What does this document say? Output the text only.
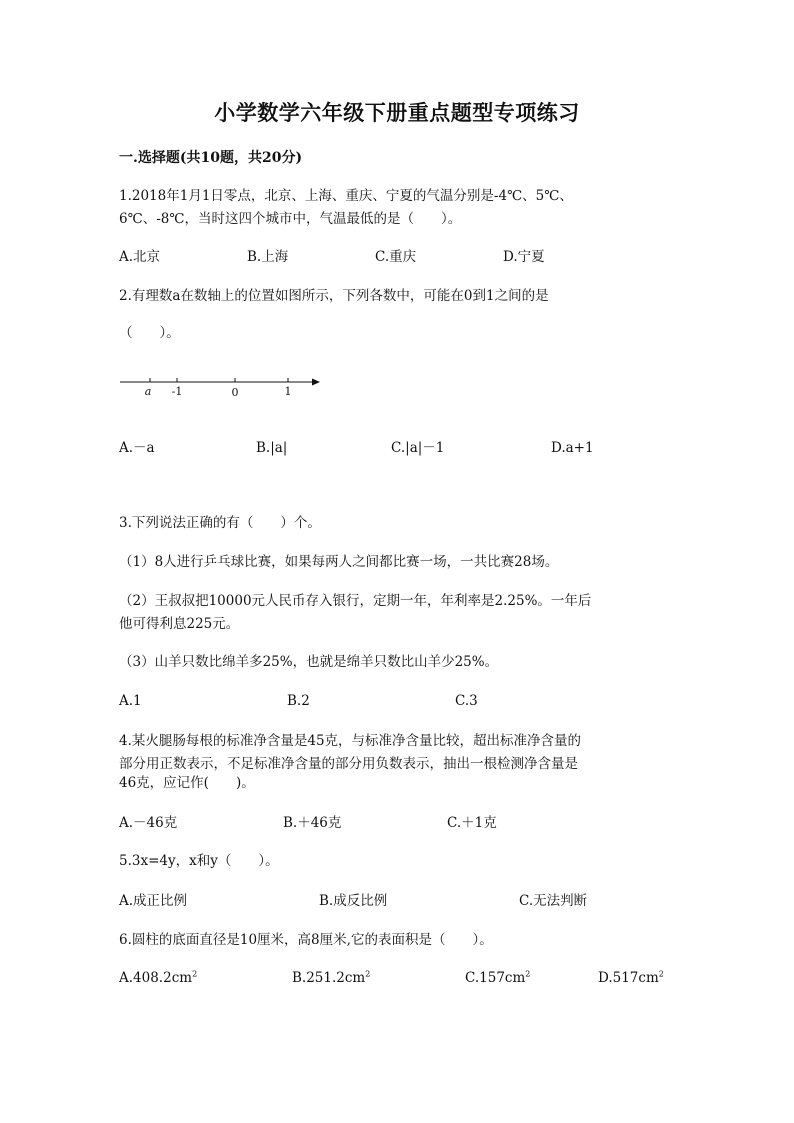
小学数学六年级下册重点题型专项练习
一.选择题(共10题，共20分)
1.2018年1月1日零点，北京、上海、重庆、宁夏的气温分别是-4℃、5℃、
6℃、-8℃，当时这四个城市中，气温最低的是（　　）。
A.北京	B.上海	C.重庆	D.宁夏
2.有理数a在数轴上的位置如图所示，下列各数中，可能在0到1之间的是
（　　）。
a -1	0	1
A.－a	B.|a|	C.|a|－1	D.a+1
3.下列说法正确的有（　　）个。
（1）8人进行乒乓球比赛，如果每两人之间都比赛一场，一共比赛28场。
（2）王叔叔把10000元人民币存入银行，定期一年，年利率是2.25%。一年后
他可得利息225元。
（3）山羊只数比绵羊多25%，也就是绵羊只数比山羊少25%。
A.1	B.2	C.3
4.某火腿肠每根的标准净含量是45克，与标准净含量比较，超出标准净含量的
部分用正数表示，不足标准净含量的部分用负数表示，抽出一根检测净含量是
46克，应记作(　　)。
A.－46克	B.＋46克	C.＋1克
5.3x=4y，x和y（　　）。
A.成正比例	B.成反比例	C.无法判断
6.圆柱的底面直径是10厘米，高8厘米,它的表面积是（　　）。
$A.408.2cm^2$	$B.251.2cm^2$	$C.157cm^2$	$D.517cm^2$
